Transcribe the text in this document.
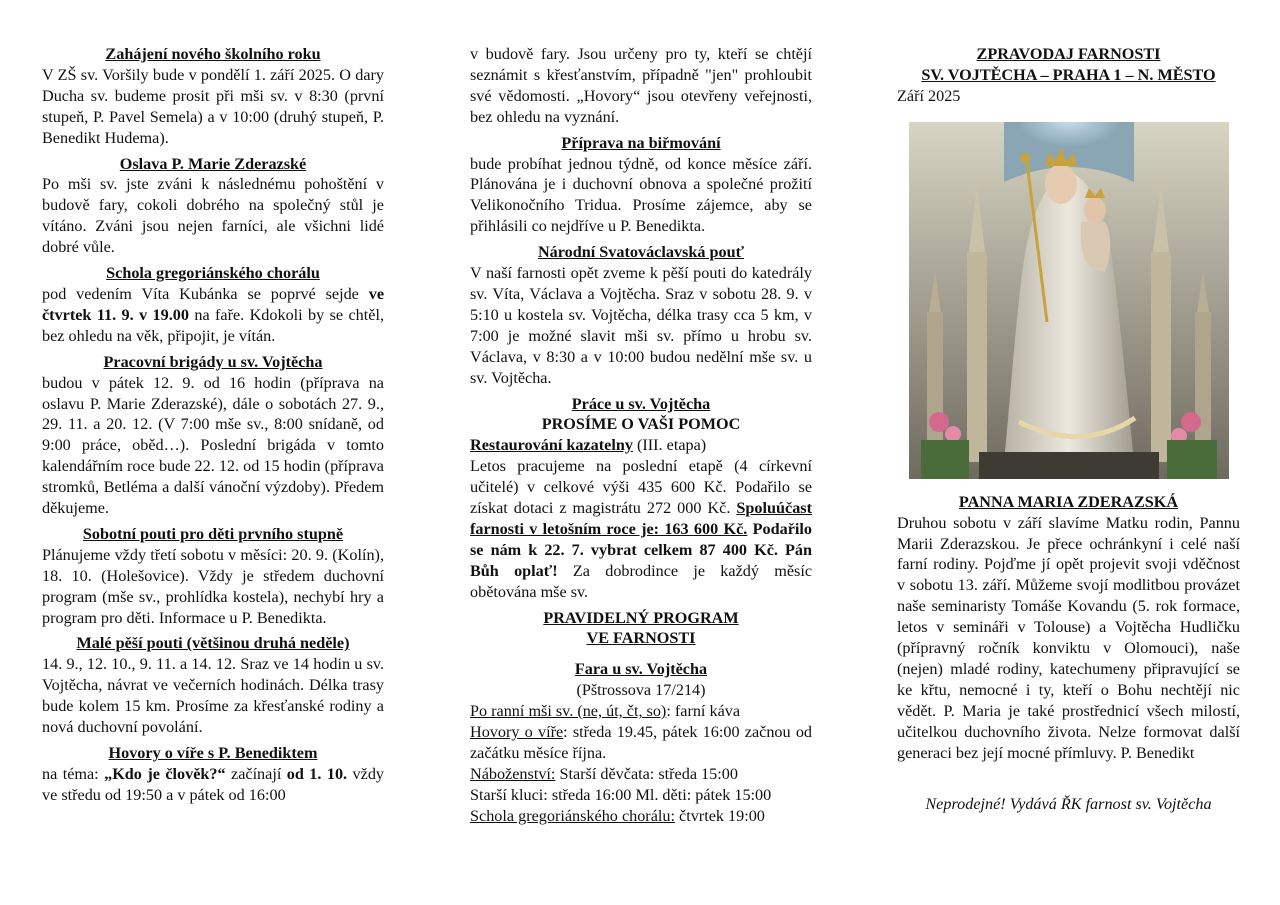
Zahájení nového školního roku

V ZŠ sv. Voršily bude v pondělí 1. září 2025. O dary Ducha sv. budeme prosit při mši sv. v 8:30 (první stupeň, P. Pavel Semela) a v 10:00 (druhý stupeň, P. Benedikt Hudema).

Oslava P. Marie Zderazské

Po mši sv. jste zváni k následnému pohoštění v budově fary, cokoli dobrého na společný stůl je vítáno. Zváni jsou nejen farníci, ale všichni lidé dobré vůle.

Schola gregoriánského chorálu

pod vedením Víta Kubánka se poprvé sejde ve čtvrtek 11. 9. v 19.00 na faře. Kdokoli by se chtěl, bez ohledu na věk, připojit, je vítán.

Pracovní brigády u sv. Vojtěcha

budou v pátek 12. 9. od 16 hodin (příprava na oslavu P. Marie Zderazské), dále o sobotách 27. 9., 29. 11. a 20. 12. (V 7:00 mše sv., 8:00 snídaně, od 9:00 práce, oběd…). Poslední brigáda v tomto kalendářním roce bude 22. 12. od 15 hodin (příprava stromků, Betléma a další vánoční výzdoby). Předem děkujeme.

Sobotní pouti pro děti prvního stupně

Plánujeme vždy třetí sobotu v měsíci: 20. 9. (Kolín), 18. 10. (Holešovice). Vždy je středem duchovní program (mše sv., prohlídka kostela), nechybí hry a program pro děti. Informace u P. Benedikta.

Malé pěší pouti (většinou druhá neděle)

14. 9., 12. 10., 9. 11. a 14. 12. Sraz ve 14 hodin u sv. Vojtěcha, návrat ve večerních hodinách. Délka trasy bude kolem 15 km. Prosíme za křesťanské rodiny a nová duchovní povolání.

Hovory o víře s P. Benediktem

na téma: „Kdo je člověk?“ začínají od 1. 10. vždy ve středu od 19:50 a v pátek od 16:00

v budově fary. Jsou určeny pro ty, kteří se chtějí seznámit s křesťanstvím, případně "jen" prohloubit své vědomosti. „Hovory“ jsou otevřeny veřejnosti, bez ohledu na vyznání.

Příprava na biřmování

bude probíhat jednou týdně, od konce měsíce září. Plánována je i duchovní obnova a společné prožití Velikonočního Tridua. Prosíme zájemce, aby se přihlásili co nejdříve u P. Benedikta.

Národní Svatováclavská pouť

V naší farnosti opět zveme k pěší pouti do katedrály sv. Víta, Václava a Vojtěcha. Sraz v sobotu 28. 9. v 5:10 u kostela sv. Vojtěcha, délka trasy cca 5 km, v 7:00 je možné slavit mši sv. přímo u hrobu sv. Václava, v 8:30 a v 10:00 budou nedělní mše sv. u sv. Vojtěcha.

Práce u sv. Vojtěcha
PROSÍME O VAŠI POMOC

Restaurování kazatelny (III. etapa)

Letos pracujeme na poslední etapě (4 církevní učitelé) v celkové výši 435 600 Kč. Podařilo se získat dotaci z magistrátu 272 000 Kč. Spoluúčast farnosti v letošním roce je: 163 600 Kč. Podařilo se nám k 22. 7. vybrat celkem 87 400 Kč. Pán Bůh oplať! Za dobrodince je každý měsíc obětována mše sv.

PRAVIDELNÝ PROGRAM
VE FARNOSTI
Fara u sv. Vojtěcha
(Pštrossova 17/214)

Po ranní mši sv. (ne, út, čt, so): farní káva

Hovory o víře: středa 19.45, pátek 16:00 začnou od začátku měsíce října.

Náboženství: Starší děvčata: středa 15:00

Starší kluci: středa 16:00 Ml. děti: pátek 15:00

Schola gregoriánského chorálu: čtvrtek 19:00

ZPRAVODAJ FARNOSTI
SV. VOJTĚCHA – PRAHA 1 – N. MĚSTO
Září 2025
PANNA MARIA ZDERAZSKÁ

Druhou sobotu v září slavíme Matku rodin, Pannu Marii Zderazskou. Je přece ochránkyní i celé naší farní rodiny. Pojďme jí opět projevit svoji vděčnost v sobotu 13. září. Můžeme svojí modlitbou provázet naše seminaristy Tomáše Kovandu (5. rok formace, letos v semináři v Tolouse) a Vojtěcha Hudličku (přípravný ročník konviktu v Olomouci), naše (nejen) mladé rodiny, katechumeny připravující se ke křtu, nemocné i ty, kteří o Bohu nechtějí nic vědět. P. Maria je také prostřednicí všech milostí, učitelkou duchovního života. Nelze formovat další generaci bez její mocné přímluvy. P. Benedikt

Neprodejné! Vydává ŘK farnost sv. Vojtěcha
